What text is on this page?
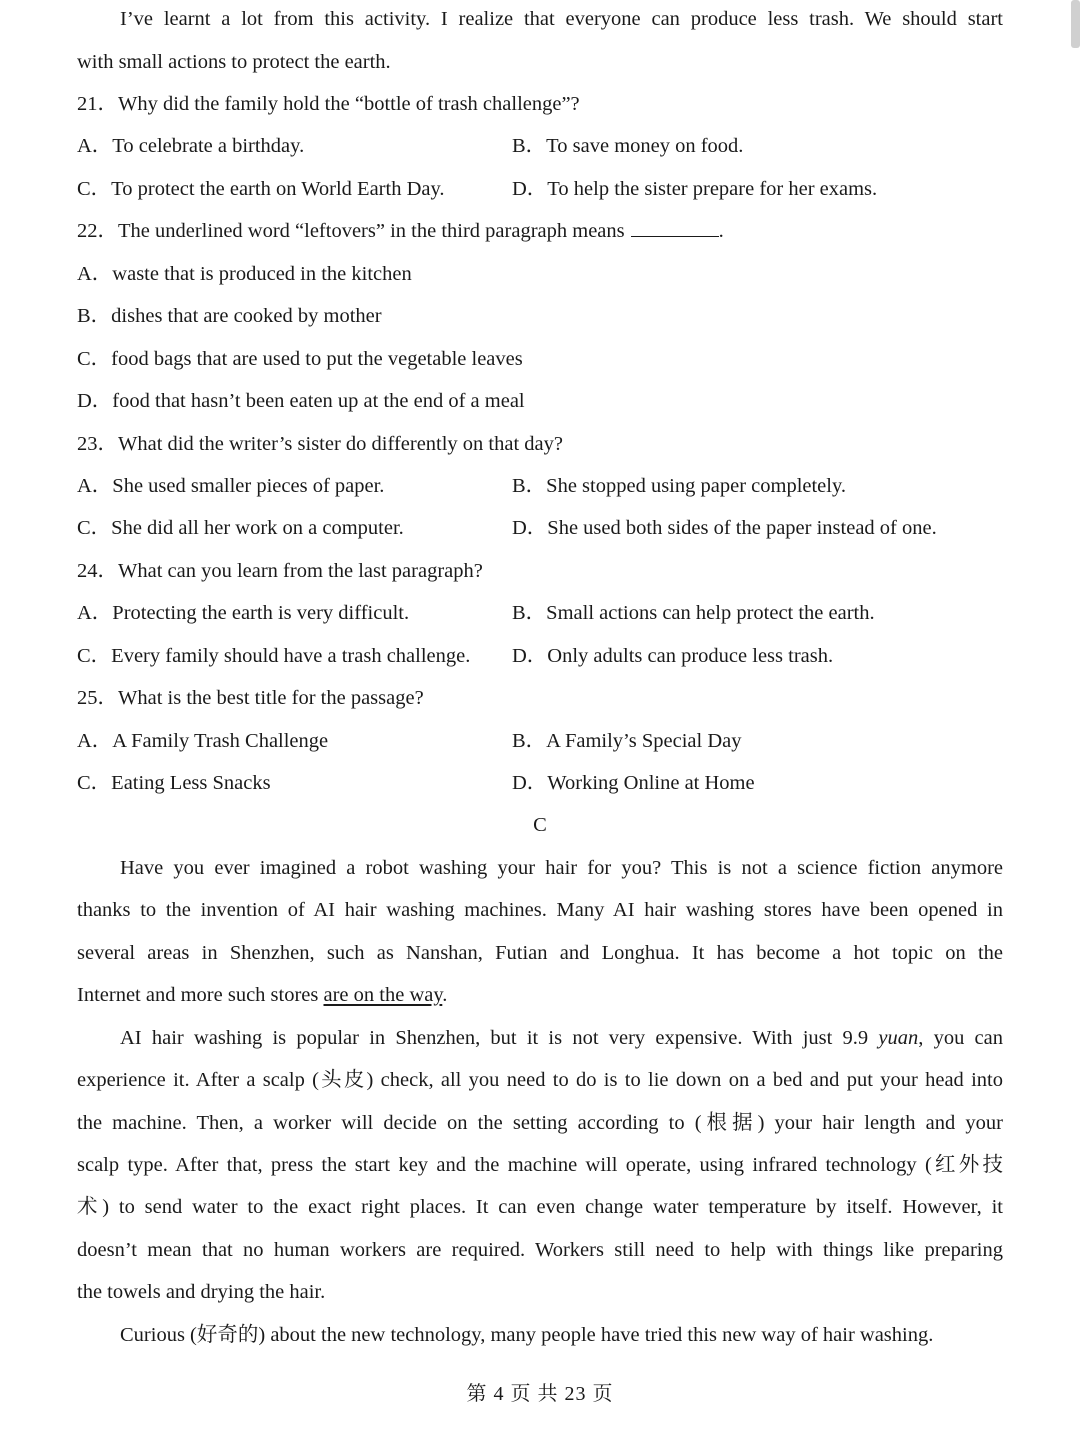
I’ve learnt a lot from this activity. I realize that everyone can produce less trash. We should start
with small actions to protect the earth.
21．Why did the family hold the “bottle of trash challenge”?
A．To celebrate a birthday.	B．To save money on food.
C．To protect the earth on World Earth Day.	D．To help the sister prepare for her exams.
22．The underlined word “leftovers” in the third paragraph means	.
A．waste that is produced in the kitchen
B．dishes that are cooked by mother
C．food bags that are used to put the vegetable leaves
D．food that hasn’t been eaten up at the end of a meal
23．What did the writer’s sister do differently on that day?
A．She used smaller pieces of paper.	B．She stopped using paper completely.
C．She did all her work on a computer.	D．She used both sides of the paper instead of one.
24．What can you learn from the last paragraph?
A．Protecting the earth is very difficult.	B．Small actions can help protect the earth.
C．Every family should have a trash challenge. D．Only adults can produce less trash.
25．What is the best title for the passage?
A．A Family Trash Challenge	B．A Family’s Special Day
C．Eating Less Snacks	D．Working Online at Home
C
Have you ever imagined a robot washing your hair for you? This is not a science fiction anymore
thanks to the invention of AI hair washing machines. Many AI hair washing stores have been opened in
several areas in Shenzhen, such as Nanshan, Futian and Longhua. It has become a hot topic on the
Internet and more such stores are on the way.
AI hair washing is popular in Shenzhen, but it is not very expensive. With just 9.9 yuan, you can
experience it. After a scalp (头皮) check, all you need to do is to lie down on a bed and put your head into
the machine. Then, a worker will decide on the setting according to (根据) your hair length and your
scalp type. After that, press the start key and the machine will operate, using infrared technology (红外技
术) to send water to the exact right places. It can even change water temperature by itself. However, it
doesn’t mean that no human workers are required. Workers still need to help with things like preparing
the towels and drying the hair.
Curious (好奇的) about the new technology, many people have tried this new way of hair washing.
第 4 页 共 23 页
